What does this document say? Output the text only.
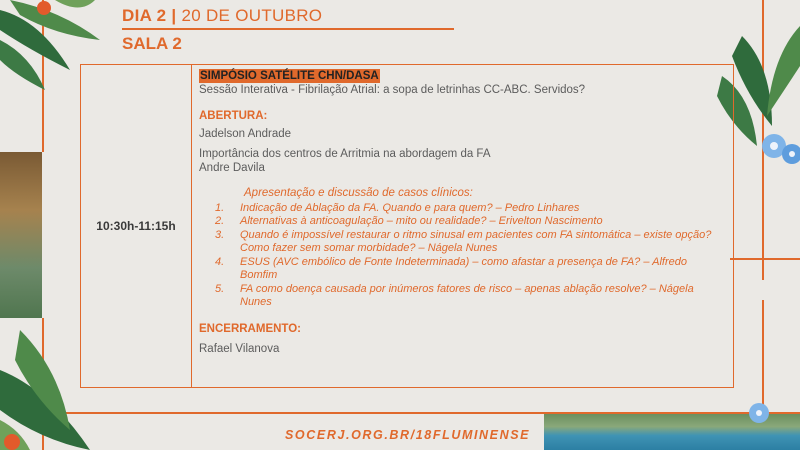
DIA 2 | 20 DE OUTUBRO
SALA 2
10:30h-11:15h
SIMPÓSIO SATÉLITE CHN/DASA
Sessão Interativa - Fibrilação Atrial: a sopa de letrinhas CC-ABC. Servidos?
ABERTURA:
Jadelson Andrade
Importância dos centros de Arritmia na abordagem da FA
Andre Davila
Apresentação e discussão de casos clínicos:
1.	Indicação de Ablação da FA. Quando e para quem? – Pedro Linhares
2.	Alternativas à anticoagulação – mito ou realidade? – Erivelton Nascimento
3.	Quando é impossível restaurar o ritmo sinusal em pacientes com FA sintomática – existe opção? Como fazer sem somar morbidade? – Nágela Nunes
4.	ESUS (AVC embólico de Fonte Indeterminada) – como afastar a presença de FA? – Alfredo Bomfim
5.	FA como doença causada por inúmeros fatores de risco – apenas ablação resolve? – Nágela Nunes
ENCERRAMENTO:
Rafael Vilanova
SOCERJ.ORG.BR/18FLUMINENSE
